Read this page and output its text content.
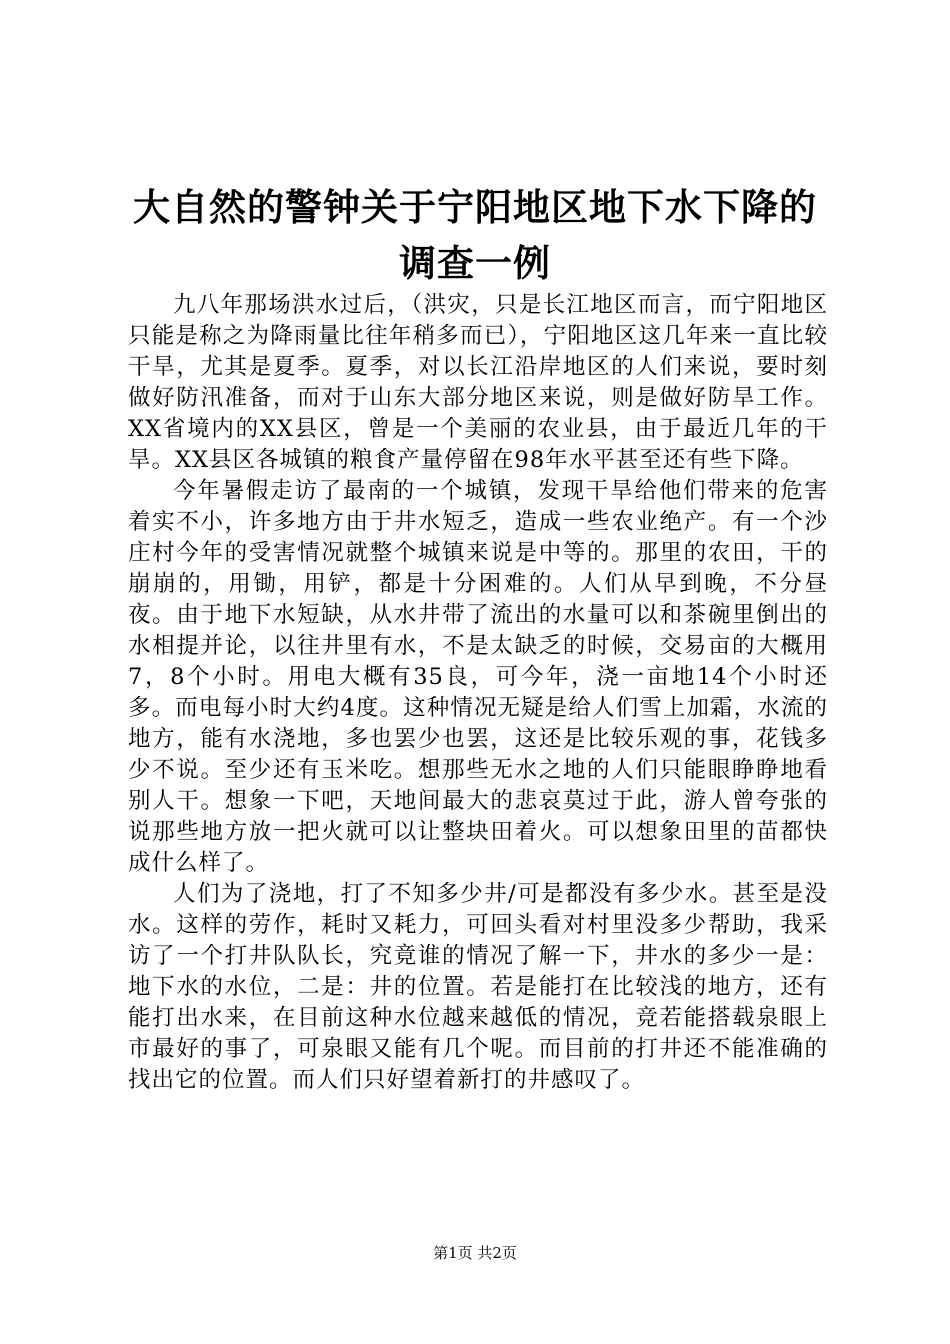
大自然的警钟关于宁阳地区地下水下降的调查一例

九八年那场洪水过后，（洪灾，只是长江地区而言，而宁阳地区只能是称之为降雨量比往年稍多而已），宁阳地区这几年来一直比较干旱，尤其是夏季。夏季，对以长江沿岸地区的人们来说，要时刻做好防汛准备，而对于山东大部分地区来说，则是做好防旱工作。XX省境内的XX县区，曾是一个美丽的农业县，由于最近几年的干旱。XX县区各城镇的粮食产量停留在98年水平甚至还有些下降。

今年暑假走访了最南的一个城镇，发现干旱给他们带来的危害着实不小，许多地方由于井水短乏，造成一些农业绝产。有一个沙庄村今年的受害情况就整个城镇来说是中等的。那里的农田，干的崩崩的，用锄，用铲，都是十分困难的。人们从早到晚，不分昼夜。由于地下水短缺，从水井带了流出的水量可以和茶碗里倒出的水相提并论，以往井里有水，不是太缺乏的时候，交易亩的大概用7，8个小时。用电大概有35良，可今年，浇一亩地14个小时还多。而电每小时大约4度。这种情况无疑是给人们雪上加霜，水流的地方，能有水浇地，多也罢少也罢，这还是比较乐观的事，花钱多少不说。至少还有玉米吃。想那些无水之地的人们只能眼睁睁地看别人干。想象一下吧，天地间最大的悲哀莫过于此，游人曾夸张的说那些地方放一把火就可以让整块田着火。可以想象田里的苗都快成什么样了。

人们为了浇地，打了不知多少井/可是都没有多少水。甚至是没水。这样的劳作，耗时又耗力，可回头看对村里没多少帮助，我采访了一个打井队队长，究竟谁的情况了解一下，井水的多少一是：地下水的水位，二是：井的位置。若是能打在比较浅的地方，还有能打出水来，在目前这种水位越来越低的情况，竞若能搭载泉眼上市最好的事了，可泉眼又能有几个呢。而目前的打井还不能准确的找出它的位置。而人们只好望着新打的井感叹了。

第1页 共2页
